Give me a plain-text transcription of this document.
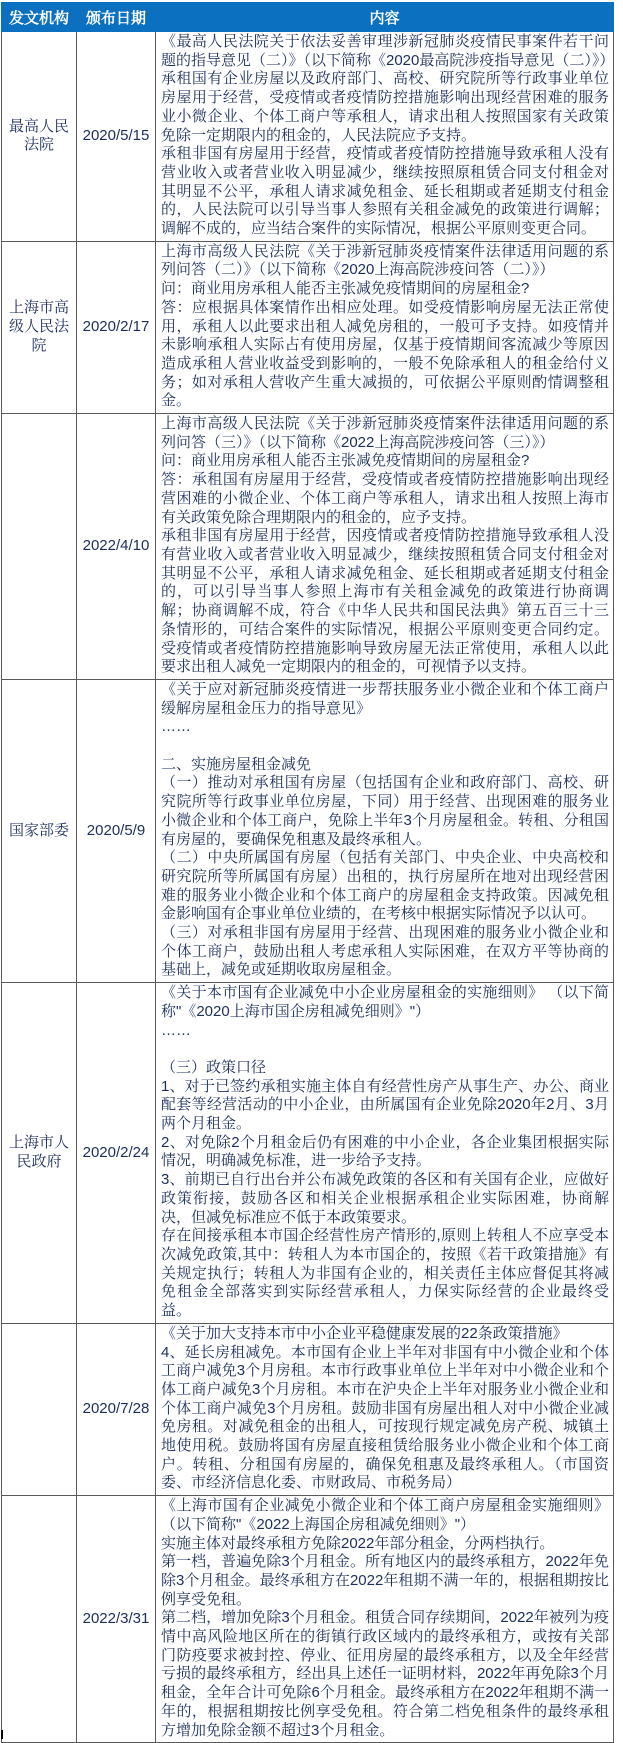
发文机构	颁布日期	内容
最高人民法院	2020/5/15	《最高人民法院关于依法妥善审理涉新冠肺炎疫情民事案件若干问题的指导意见（二）》（以下简称《2020最高院涉疫指导意见（二）》）
承租国有企业房屋以及政府部门、高校、研究院所等行政事业单位房屋用于经营，受疫情或者疫情防控措施影响出现经营困难的服务业小微企业、个体工商户等承租人，请求出租人按照国家有关政策免除一定期限内的租金的，人民法院应予支持。
承租非国有房屋用于经营，疫情或者疫情防控措施导致承租人没有营业收入或者营业收入明显减少，继续按照原租赁合同支付租金对其明显不公平，承租人请求减免租金、延长租期或者延期支付租金的，人民法院可以引导当事人参照有关租金减免的政策进行调解；调解不成的，应当结合案件的实际情况，根据公平原则变更合同。

上海市高级人民法院	2020/2/17	上海市高级人民法院《关于涉新冠肺炎疫情案件法律适用问题的系列问答（二）》（以下简称《2020上海高院涉疫问答（二）》）
问：商业用房承租人能否主张减免疫情期间的房屋租金?
答：应根据具体案情作出相应处理。如受疫情影响房屋无法正常使用，承租人以此要求出租人减免房租的，一般可予支持。如疫情并未影响承租人实际占有使用房屋，仅基于疫情期间客流减少等原因造成承租人营业收益受到影响的，一般不免除承租人的租金给付义务；如对承租人营收产生重大减损的，可依据公平原则酌情调整租金。

	2022/4/10	上海市高级人民法院《关于涉新冠肺炎疫情案件法律适用问题的系列问答（三）》（以下简称《2022上海高院涉疫问答（三）》）
问：商业用房承租人能否主张减免疫情期间的房屋租金?
答：承租国有房屋用于经营，受疫情或者疫情防控措施影响出现经营困难的小微企业、个体工商户等承租人，请求出租人按照上海市有关政策免除合理期限内的租金的，应予支持。
承租非国有房屋用于经营，因疫情或者疫情防控措施导致承租人没有营业收入或者营业收入明显减少，继续按照租赁合同支付租金对其明显不公平，承租人请求减免租金、延长租期或者延期支付租金的，可以引导当事人参照上海市有关租金减免的政策进行协商调解；协商调解不成，符合《中华人民共和国民法典》第五百三十三条情形的，可结合案件的实际情况，根据公平原则变更合同约定。受疫情或者疫情防控措施影响导致房屋无法正常使用，承租人以此要求出租人减免一定期限内的租金的，可视情予以支持。

国家部委	2020/5/9	
《关于应对新冠肺炎疫情进一步帮扶服务业小微企业和个体工商户缓解房屋租金压力的指导意见》
……

二、实施房屋租金减免
（一）推动对承租国有房屋（包括国有企业和政府部门、高校、研究院所等行政事业单位房屋，下同）用于经营、出现困难的服务业小微企业和个体工商户，免除上半年3个月房屋租金。转租、分租国有房屋的，要确保免租惠及最终承租人。
（二）中央所属国有房屋（包括有关部门、中央企业、中央高校和研究院所等所属国有房屋）出租的，执行房屋所在地对出现经营困难的服务业小微企业和个体工商户的房屋租金支持政策。因减免租金影响国有企事业单位业绩的，在考核中根据实际情况予以认可。
（三）对承租非国有房屋用于经营、出现困难的服务业小微企业和个体工商户，鼓励出租人考虑承租人实际困难，在双方平等协商的基础上，减免或延期收取房屋租金。

上海市人民政府	2020/2/24	
《关于本市国有企业减免中小企业房屋租金的实施细则》 （以下简称"《2020上海市国企房租减免细则》"）
……

（三）政策口径
1、对于已签约承租实施主体自有经营性房产从事生产、办公、商业配套等经营活动的中小企业，由所属国有企业免除2020年2月、3月两个月租金。
2、对免除2个月租金后仍有困难的中小企业，各企业集团根据实际情况，明确减免标准，进一步给予支持。
3、前期已自行出台并公布减免政策的各区和有关国有企业，应做好政策衔接，鼓励各区和相关企业根据承租企业实际困难，协商解决，但减免标准应不低于本政策要求。
存在间接承租本市国企经营性房产情形的,原则上转租人不应享受本次减免政策,其中：转租人为本市国企的，按照《若干政策措施》有关规定执行；转租人为非国有企业的，相关责任主体应督促其将减免租金全部落实到实际经营承租人，力保实际经营的企业最终受益。

	2020/7/28	《关于加大支持本市中小企业平稳健康发展的22条政策措施》
4、延长房租减免。本市国有企业上半年对非国有中小微企业和个体工商户减免3个月房租。本市行政事业单位上半年对中小微企业和个体工商户减免3个月房租。本市在沪央企上半年对服务业小微企业和个体工商户减免3个月房租。鼓励非国有房屋出租人对中小微企业减免房租。对减免租金的出租人，可按现行规定减免房产税、城镇土地使用税。鼓励将国有房屋直接租赁给服务业小微企业和个体工商户。转租、分租国有房屋的，确保免租惠及最终承租人。（市国资委、市经济信息化委、市财政局、市税务局）

	2022/3/31	《上海市国有企业减免小微企业和个体工商户房屋租金实施细则》（以下简称"《2022上海国企房租减免细则》"）
实施主体对最终承租方免除2022年部分租金，分两档执行。
第一档，普遍免除3个月租金。所有地区内的最终承租方，2022年免除3个月租金。最终承租方在2022年租期不满一年的，根据租期按比例享受免租。
第二档，增加免除3个月租金。租赁合同存续期间，2022年被列为疫情中高风险地区所在的街镇行政区域内的最终承租方，或按有关部门防疫要求被封控、停业、征用房屋的最终承租方，以及全年经营亏损的最终承租方，经出具上述任一证明材料，2022年再免除3个月租金，全年合计可免除6个月租金。最终承租方在2022年租期不满一年的，根据租期按比例享受免租。符合第二档免租条件的最终承租方增加免除金额不超过3个月租金。
